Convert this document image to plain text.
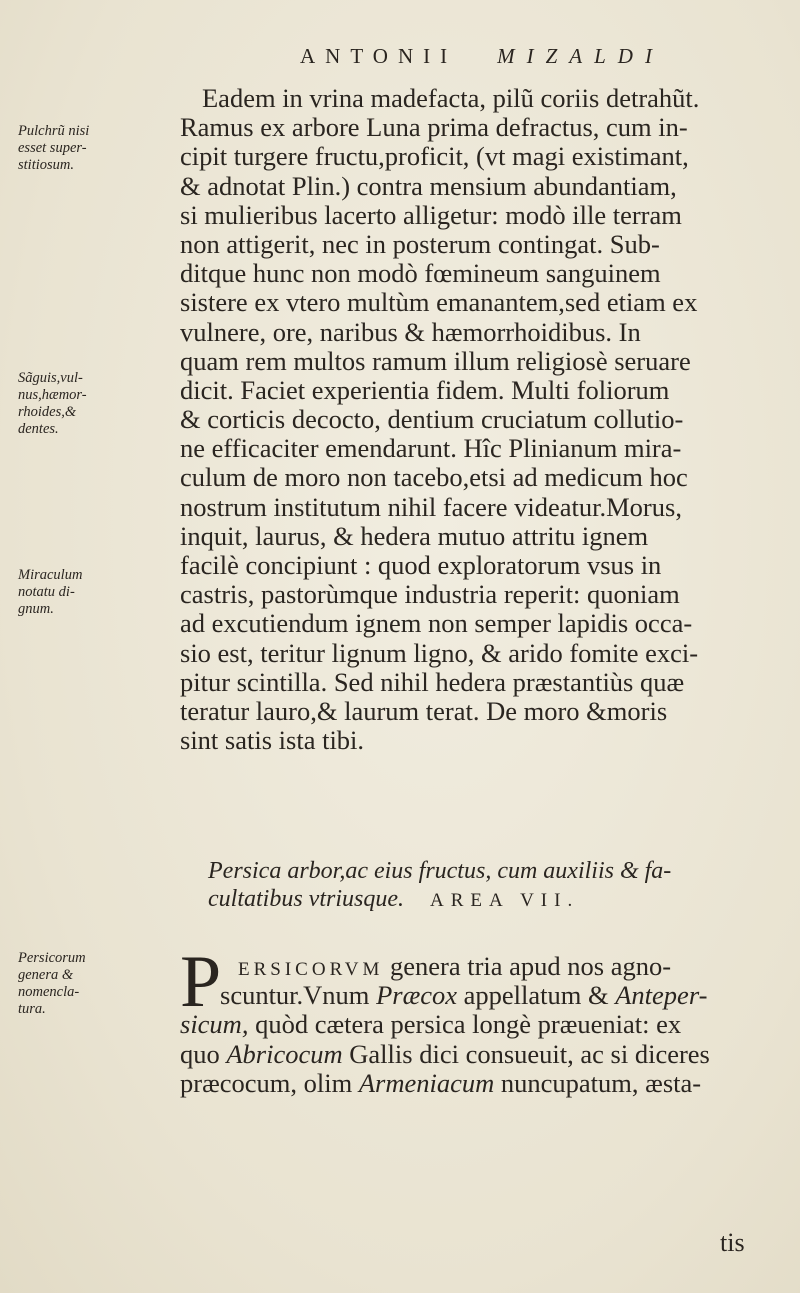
ANTONII MIZALDI
Eadem in vrina madefacta, pilũ coriis detrahũt.
Ramus ex arbore Luna prima defractus, cum in-
cipit turgere fructu,proficit, (vt magi existimant,
& adnotat Plin.) contra mensium abundantiam,
si mulieribus lacerto alligetur: modò ille terram
non attigerit, nec in posterum contingat. Sub-
ditque hunc non modò fœmineum sanguinem
sistere ex vtero multùm emanantem,sed etiam ex
vulnere, ore, naribus & hæmorrhoidibus. In
quam rem multos ramum illum religiosè seruare
dicit. Faciet experientia fidem. Multi foliorum
& corticis decocto, dentium cruciatum collutio-
ne efficaciter emendarunt. Hîc Plinianum mira-
culum de moro non tacebo,etsi ad medicum hoc
nostrum institutum nihil facere videatur.Morus,
inquit, laurus, & hedera mutuo attritu ignem
facilè concipiunt : quod exploratorum vsus in
castris, pastorùmque industria reperit: quoniam
ad excutiendum ignem non semper lapidis occa-
sio est, teritur lignum ligno, & arido fomite exci-
pitur scintilla. Sed nihil hedera præstantiùs quæ
teratur lauro,& laurum terat. De moro &moris
sint satis ista tibi.
Pulchrũ nisi
esset super-
stitiosum.
Sãguis,vul-
nus,hæmor-
rhoides,&
dentes.
Miraculum
notatu di-
gnum.
Persicorum
genera &
nomencla-
tura.
Persica arbor,ac eius fructus, cum auxiliis & fa-
cultatibus vtriusque. AREA VII.
P ERSICORVM genera tria apud nos agno-
scuntur.Vnum Præcox appellatum & Anteper-
sicum, quòd cætera persica longè præueniat: ex
quo Abricocum Gallis dici consueuit, ac si diceres
præcocum, olim Armeniacum nuncupatum, æsta-
tis
